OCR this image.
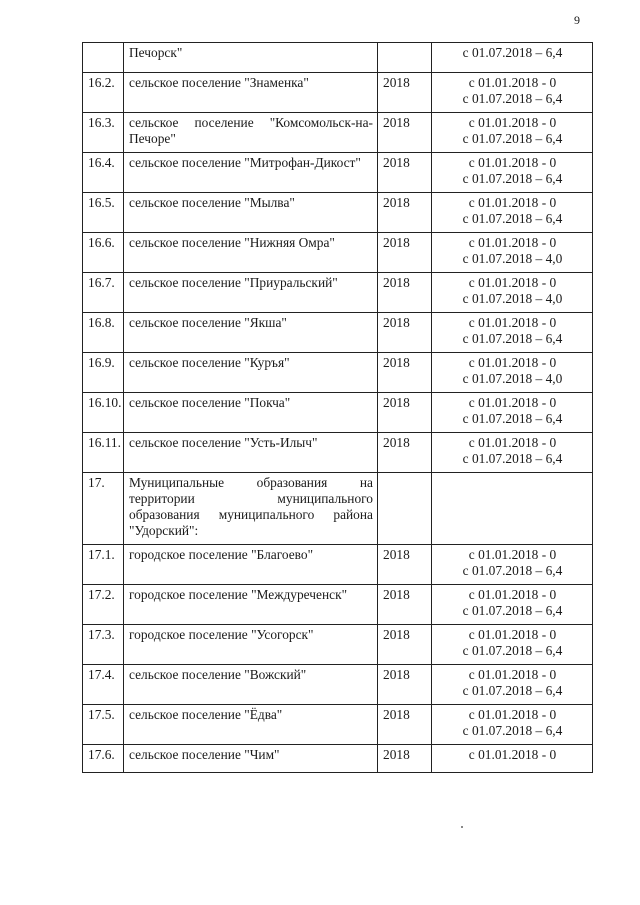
9

	Печорск"		с 01.07.2018 – 6,4

16.2.	сельское поселение "Знаменка"	2018	с 01.01.2018 - 0
с 01.07.2018 – 6,4

16.3.	сельское поселение "Комсомольск-на-
Печоре"	2018	с 01.01.2018 - 0
с 01.07.2018 – 6,4

16.4.	сельское поселение "Митрофан-Дикост"	2018	с 01.01.2018 - 0
с 01.07.2018 – 6,4

16.5.	сельское поселение "Мылва"	2018	с 01.01.2018 - 0
с 01.07.2018 – 6,4

16.6.	сельское поселение "Нижняя Омра"	2018	с 01.01.2018 - 0
с 01.07.2018 – 4,0

16.7.	сельское поселение "Приуральский"	2018	с 01.01.2018 - 0
с 01.07.2018 – 4,0

16.8.	сельское поселение "Якша"	2018	с 01.01.2018 - 0
с 01.07.2018 – 6,4

16.9.	сельское поселение "Куръя"	2018	с 01.01.2018 - 0
с 01.07.2018 – 4,0

16.10.	сельское поселение "Покча"	2018	с 01.01.2018 - 0
с 01.07.2018 – 6,4

16.11.	сельское поселение "Усть-Илыч"	2018	с 01.01.2018 - 0
с 01.07.2018 – 6,4

17.	Муниципальные образования на
территории муниципального
образования муниципального района
"Удорский":		

17.1.	городское поселение "Благоево"	2018	с 01.01.2018 - 0
с 01.07.2018 – 6,4

17.2.	городское поселение "Междуреченск"	2018	с 01.01.2018 - 0
с 01.07.2018 – 6,4

17.3.	городское поселение "Усогорск"	2018	с 01.01.2018 - 0
с 01.07.2018 – 6,4

17.4.	сельское поселение "Вожский"	2018	с 01.01.2018 - 0
с 01.07.2018 – 6,4

17.5.	сельское поселение "Ёдва"	2018	с 01.01.2018 - 0
с 01.07.2018 – 6,4

17.6.	сельское поселение "Чим"	2018	с 01.01.2018 - 0
